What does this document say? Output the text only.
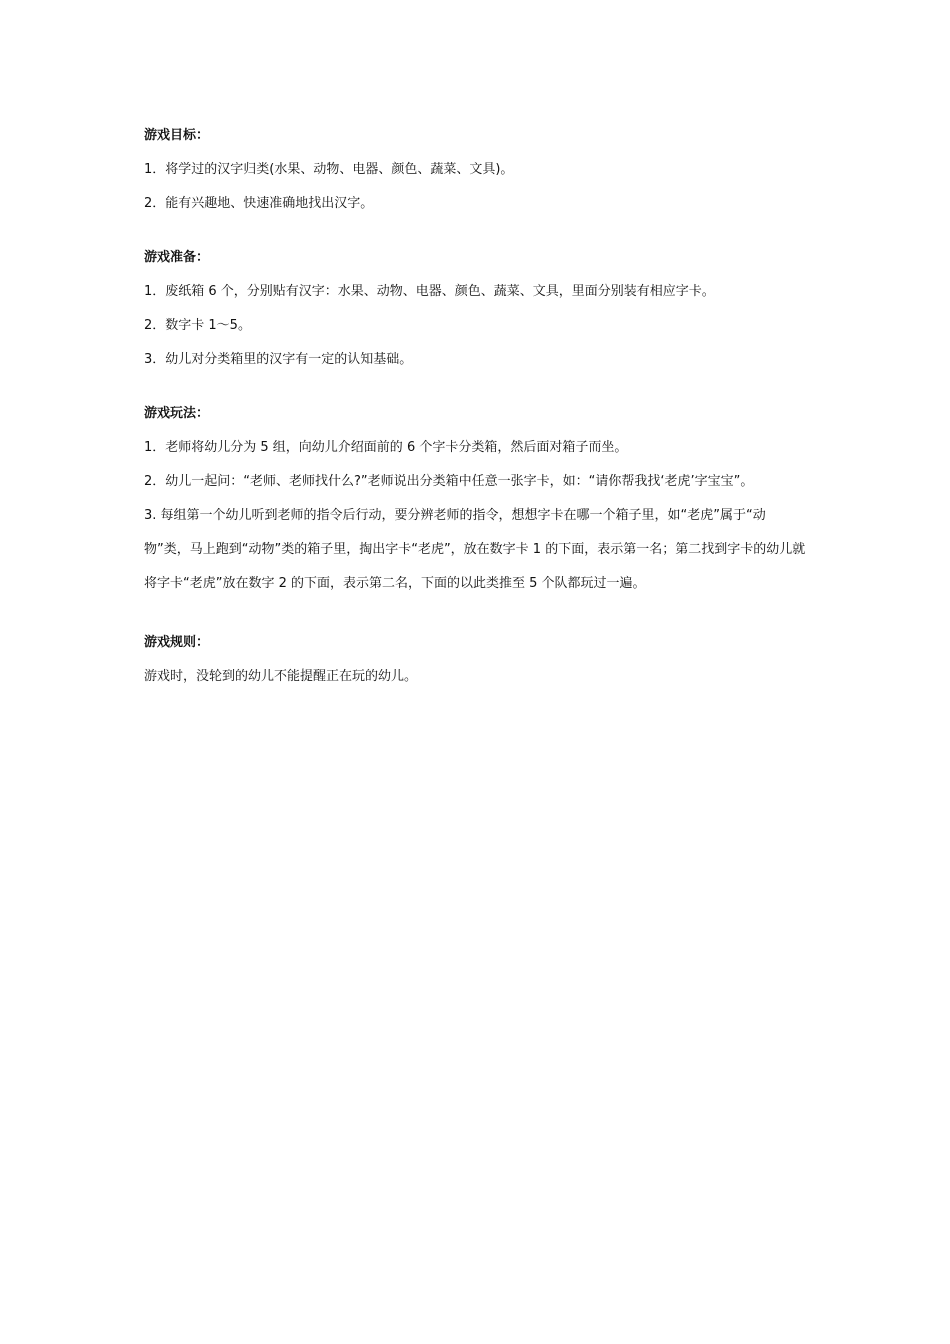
游戏目标：

1．将学过的汉字归类(水果、动物、电器、颜色、蔬菜、文具)。

2．能有兴趣地、快速准确地找出汉字。

游戏准备：

1．废纸箱 6 个，分别贴有汉字：水果、动物、电器、颜色、蔬菜、文具，里面分别装有相应字卡。

2．数字卡 1～5。

3．幼儿对分类箱里的汉字有一定的认知基础。

游戏玩法：

1．老师将幼儿分为 5 组，向幼儿介绍面前的 6 个字卡分类箱，然后面对箱子而坐。

2．幼儿一起问：“老师、老师找什么?”老师说出分类箱中任意一张字卡，如：“请你帮我找‘老虎’字宝宝”。

3. 每组第一个幼儿听到老师的指令后行动，要分辨老师的指令，想想字卡在哪一个箱子里，如“老虎”属于“动物”类，马上跑到“动物”类的箱子里，掏出字卡“老虎”，放在数字卡 1 的下面，表示第一名；第二找到字卡的幼儿就将字卡“老虎”放在数字 2 的下面，表示第二名，下面的以此类推至 5 个队都玩过一遍。

游戏规则：

游戏时，没轮到的幼儿不能提醒正在玩的幼儿。
